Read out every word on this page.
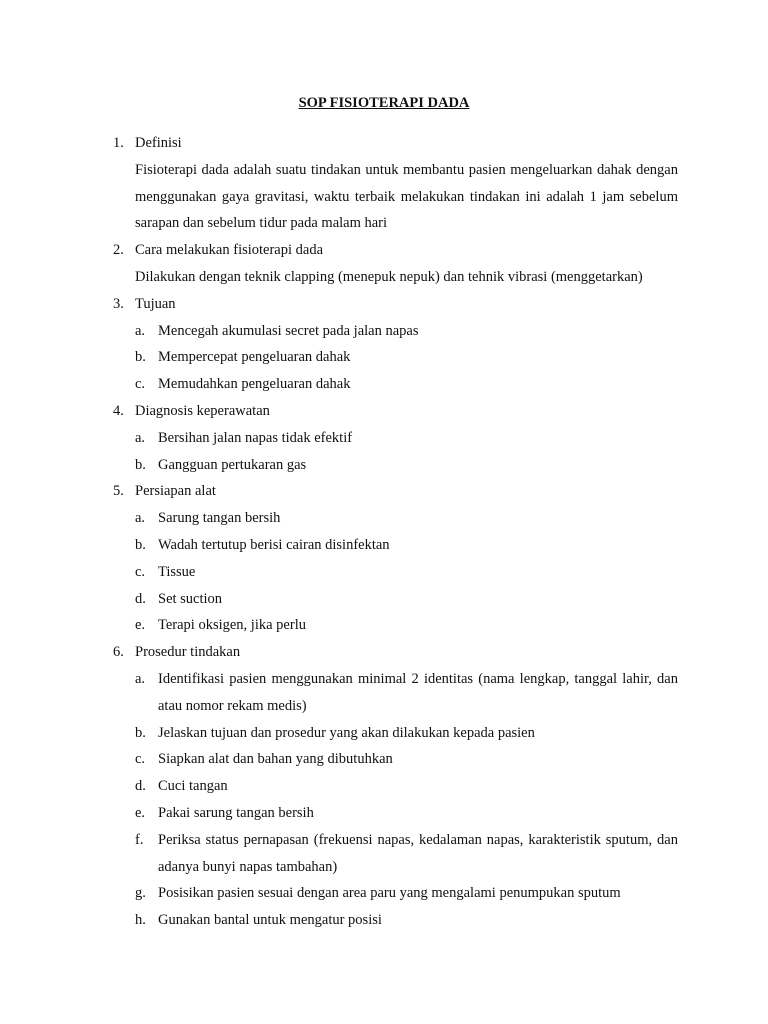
SOP FISIOTERAPI DADA
1. Definisi
Fisioterapi dada adalah suatu tindakan untuk membantu pasien mengeluarkan dahak dengan menggunakan gaya gravitasi, waktu terbaik melakukan tindakan ini adalah 1 jam sebelum sarapan dan sebelum tidur pada malam hari
2. Cara melakukan fisioterapi dada
Dilakukan dengan teknik clapping (menepuk nepuk) dan tehnik vibrasi (menggetarkan)
3. Tujuan
a. Mencegah akumulasi secret pada jalan napas
b. Mempercepat pengeluaran dahak
c. Memudahkan pengeluaran dahak
4. Diagnosis keperawatan
a. Bersihan jalan napas tidak efektif
b. Gangguan pertukaran gas
5. Persiapan alat
a. Sarung tangan bersih
b. Wadah tertutup berisi cairan disinfektan
c. Tissue
d. Set suction
e. Terapi oksigen, jika perlu
6. Prosedur tindakan
a. Identifikasi pasien menggunakan minimal 2 identitas (nama lengkap, tanggal lahir, dan atau nomor rekam medis)
b. Jelaskan tujuan dan prosedur yang akan dilakukan kepada pasien
c. Siapkan alat dan bahan yang dibutuhkan
d. Cuci tangan
e. Pakai sarung tangan bersih
f. Periksa status pernapasan (frekuensi napas, kedalaman napas, karakteristik sputum, dan adanya bunyi napas tambahan)
g. Posisikan pasien sesuai dengan area paru yang mengalami penumpukan sputum
h. Gunakan bantal untuk mengatur posisi
